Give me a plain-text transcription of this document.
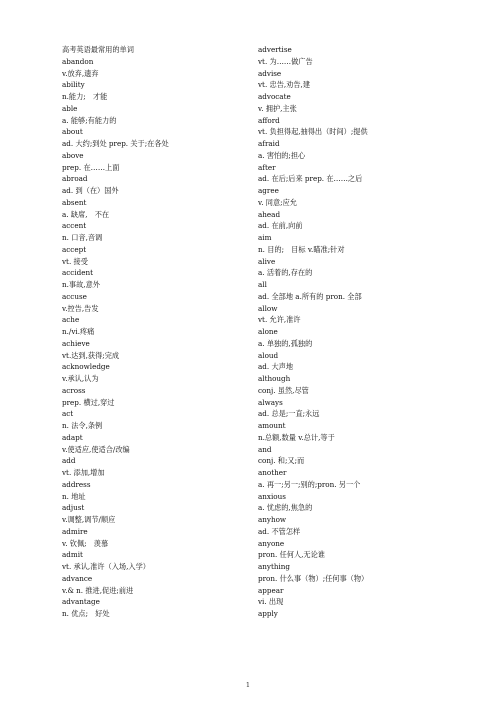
高考英语最常用的单词
abandon
v.放弃,遗弃
ability
n.能力;　才能
able
a. 能够;有能力的
about
ad. 大约;到处 prep. 关于;在各处
above
prep. 在……上面
abroad
ad. 到（在）国外
absent
a. 缺席,　不在
accent
n. 口音,音调
accept
vt. 接受
accident
n.事故,意外
accuse
v.控告,告发
ache
n./vi.疼痛
achieve
vt.达到,获得;完成
acknowledge
v.承认,认为
across
prep. 横过,穿过
act
n. 法令,条例
adapt
v.使适应,使适合/改编
add
vt. 添加,增加
address
n. 地址
adjust
v.调整,调节/顺应
admire
v. 钦佩;　羡慕
admit
vt. 承认,准许（入场,入学）
advance
v.& n. 推进,促进;前进
advantage
n. 优点;　好处
advertise
vt. 为……做广告
advise
vt. 忠告,劝告,建
advocate
v. 拥护,主张
afford
vt. 负担得起,抽得出（时间）;提供
afraid
a. 害怕的;担心
after
ad. 在后;后来 prep. 在……之后
agree
v. 同意;应允
ahead
ad. 在前,向前
aim
n. 目的;　目标 v.瞄准;针对
alive
a. 活着的,存在的
all
ad. 全部地 a.所有的 pron. 全部
allow
vt. 允许,准许
alone
a. 单独的,孤独的
aloud
ad. 大声地
although
conj. 虽然,尽管
always
ad. 总是;一直;永远
amount
n.总额,数量 v.总计,等于
and
conj. 和;又;而
another
a. 再一;另一;别的;pron. 另一个
anxious
a. 忧虑的,焦急的
anyhow
ad. 不管怎样
anyone
pron. 任何人,无论谁
anything
pron. 什么事（物）;任何事（物）
appear
vi. 出现
apply
1
